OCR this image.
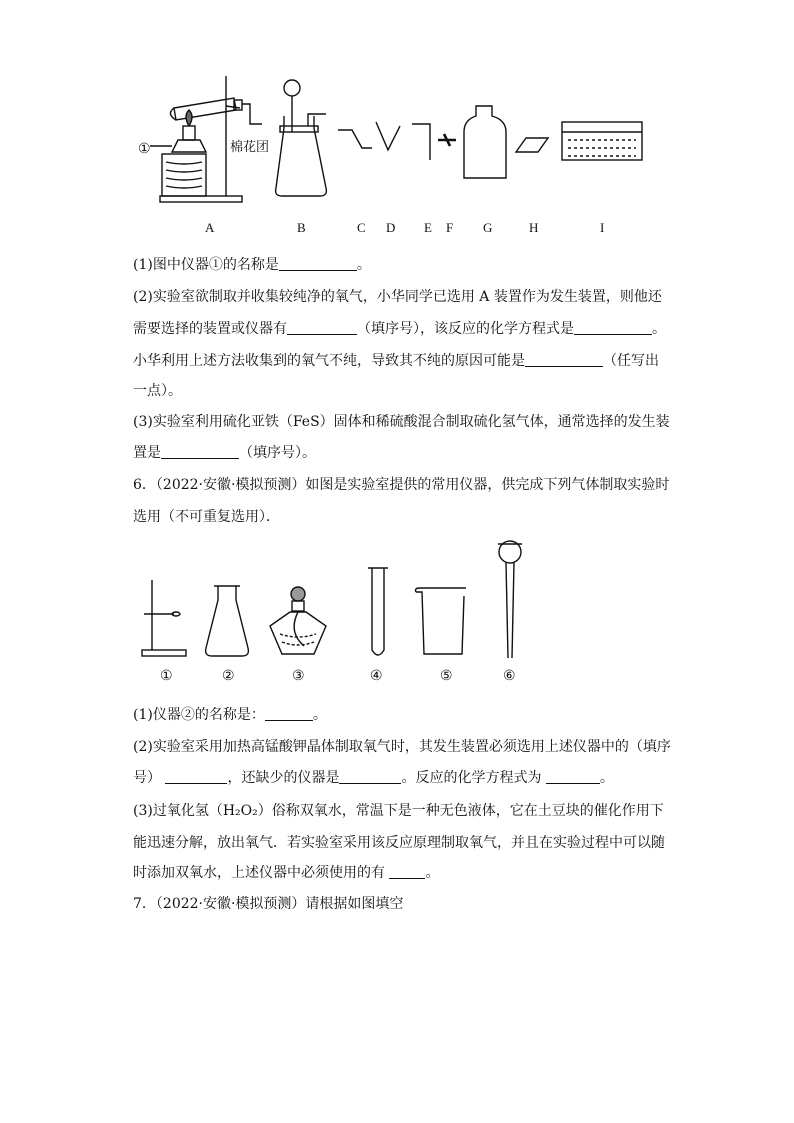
①	棉花团
A	B	C D E F G	H	I
(1)图中仪器①的名称是	。
(2)实验室欲制取并收集较纯净的氧气，小华同学已选用 A 装置作为发生装置，则他还
需要选择的装置或仪器有	（填序号），该反应的化学方程式是	。
小华利用上述方法收集到的氧气不纯，导致其不纯的原因可能是	（任写出
一点）。
(3)实验室利用硫化亚铁（FeS）固体和稀硫酸混合制取硫化氢气体，通常选择的发生装
置是	（填序号）。
6．（2022·安徽·模拟预测）如图是实验室提供的常用仪器，供完成下列气体制取实验时
选用（不可重复选用）．
①	②	③	④	⑤	⑥
(1)仪器②的名称是：	。
(2)实验室采用加热高锰酸钾晶体制取氧气时，其发生装置必须选用上述仪器中的（填序
号）	，还缺少的仪器是	。反应的化学方程式为	。
(3)过氧化氢（H₂O₂）俗称双氧水，常温下是一种无色液体，它在土豆块的催化作用下
能迅速分解，放出氧气．若实验室采用该反应原理制取氧气，并且在实验过程中可以随
时添加双氧水，上述仪器中必须使用的有	。
7．（2022·安徽·模拟预测）请根据如图填空
